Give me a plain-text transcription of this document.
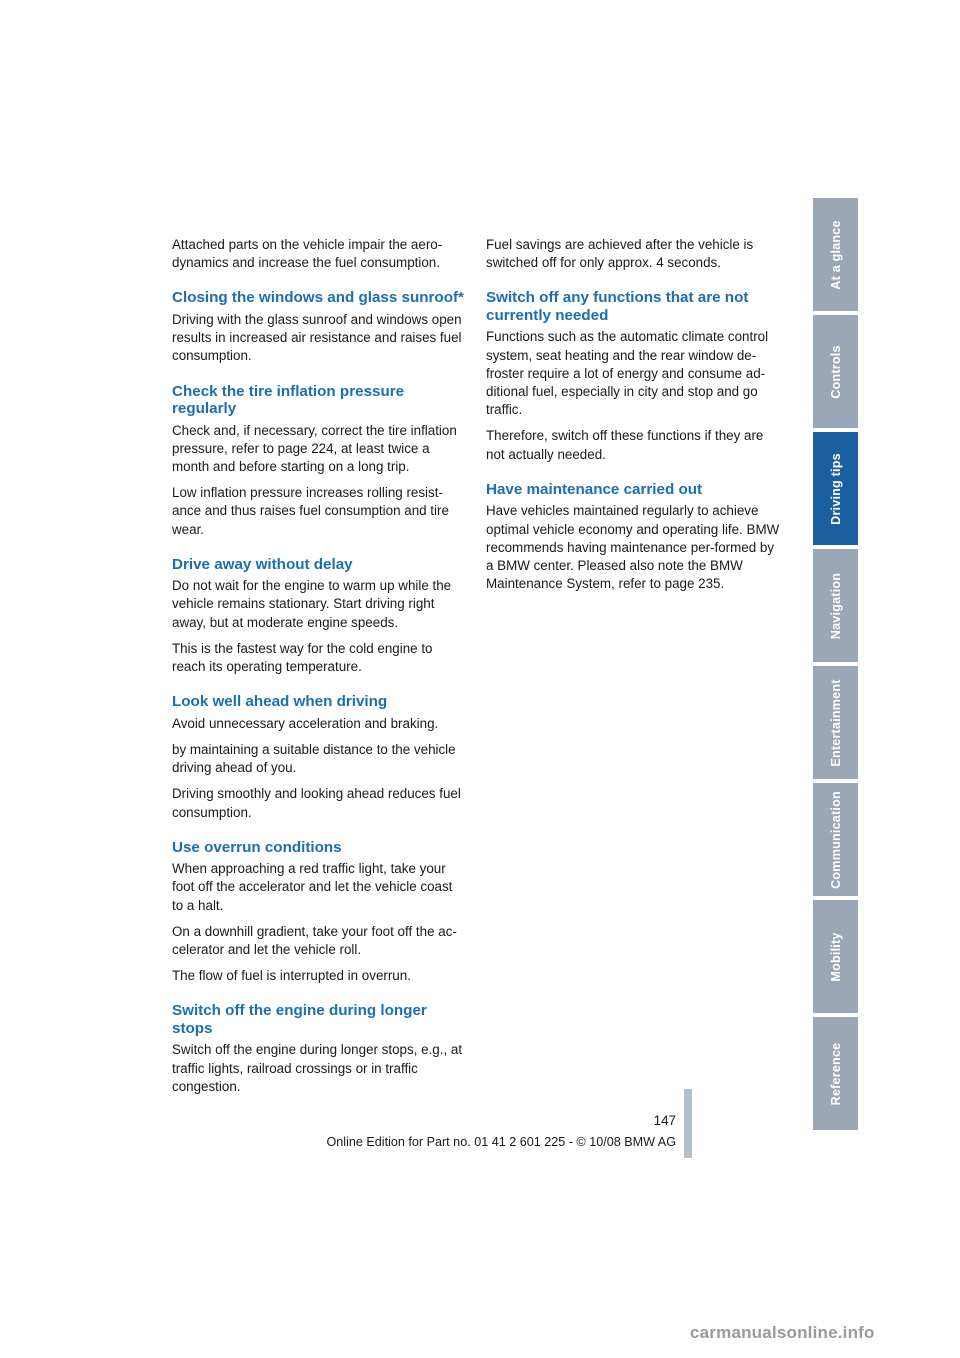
Attached parts on the vehicle impair the aero-dynamics and increase the fuel consumption.

Closing the windows and glass sunroof*

Driving with the glass sunroof and windows open results in increased air resistance and raises fuel consumption.

Check the tire inflation pressure regularly

Check and, if necessary, correct the tire inflation pressure, refer to page 224, at least twice a month and before starting on a long trip.

Low inflation pressure increases rolling resist-ance and thus raises fuel consumption and tire wear.

Drive away without delay

Do not wait for the engine to warm up while the vehicle remains stationary. Start driving right away, but at moderate engine speeds.

This is the fastest way for the cold engine to reach its operating temperature.

Look well ahead when driving

Avoid unnecessary acceleration and braking.

by maintaining a suitable distance to the vehicle driving ahead of you.

Driving smoothly and looking ahead reduces fuel consumption.

Use overrun conditions

When approaching a red traffic light, take your foot off the accelerator and let the vehicle coast to a halt.

On a downhill gradient, take your foot off the ac-celerator and let the vehicle roll.

The flow of fuel is interrupted in overrun.

Switch off the engine during longer stops

Switch off the engine during longer stops, e.g., at traffic lights, railroad crossings or in traffic congestion.

Fuel savings are achieved after the vehicle is switched off for only approx. 4 seconds.

Switch off any functions that are not currently needed

Functions such as the automatic climate control system, seat heating and the rear window de-froster require a lot of energy and consume ad-ditional fuel, especially in city and stop and go traffic.

Therefore, switch off these functions if they are not actually needed.

Have maintenance carried out

Have vehicles maintained regularly to achieve optimal vehicle economy and operating life. BMW recommends having maintenance per-formed by a BMW center. Pleased also note the BMW Maintenance System, refer to page 235.

At a glance
Controls
Driving tips
Navigation
Entertainment
Communication
Mobility
Reference
147
Online Edition for Part no. 01 41 2 601 225 - © 10/08 BMW AG
carmanualsonline.info
